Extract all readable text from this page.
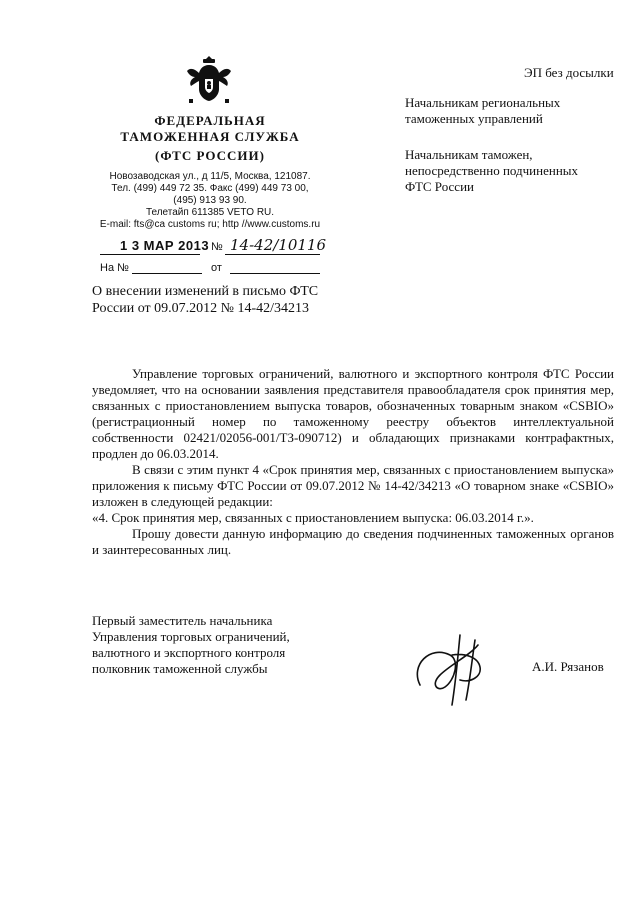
ФЕДЕРАЛЬНАЯ
ТАМОЖЕННАЯ СЛУЖБА
(ФТС РОССИИ)
Новозаводская ул., д 11/5, Москва, 121087.
Тел. (499) 449 72 35. Факс (499) 449 73 00,
(495) 913 93 90.
Телетайп 611385 VETO RU.
E-mail: fts@ca customs ru; http //www.customs.ru
1 3 МАР 2013 № 14-42/10116
На №	от
ЭП без досылки
Начальникам региональных таможенных управлений
Начальникам таможен, непосредственно подчиненных ФТС России
О внесении изменений в письмо ФТС России от 09.07.2012 № 14-42/34213

Управление торговых ограничений, валютного и экспортного контроля ФТС России уведомляет, что на основании заявления представителя правообладателя срок принятия мер, связанных с приостановлением выпуска товаров, обозначенных товарным знаком «CSBIO» (регистрационный номер по таможенному реестру объектов интеллектуальной собственности 02421/02056-001/ТЗ-090712) и обладающих признаками контрафактных, продлен до 06.03.2014.

В связи с этим пункт 4 «Срок принятия мер, связанных с приостановлением выпуска» приложения к письму ФТС России от 09.07.2012 № 14-42/34213 «О товарном знаке «CSBIO» изложен в следующей редакции:

«4. Срок принятия мер, связанных с приостановлением выпуска: 06.03.2014 г.».

Прошу довести данную информацию до сведения подчиненных таможенных органов и заинтересованных лиц.

Первый заместитель начальника
Управления торговых ограничений,
валютного и экспортного контроля
полковник таможенной службы	А.И. Рязанов
